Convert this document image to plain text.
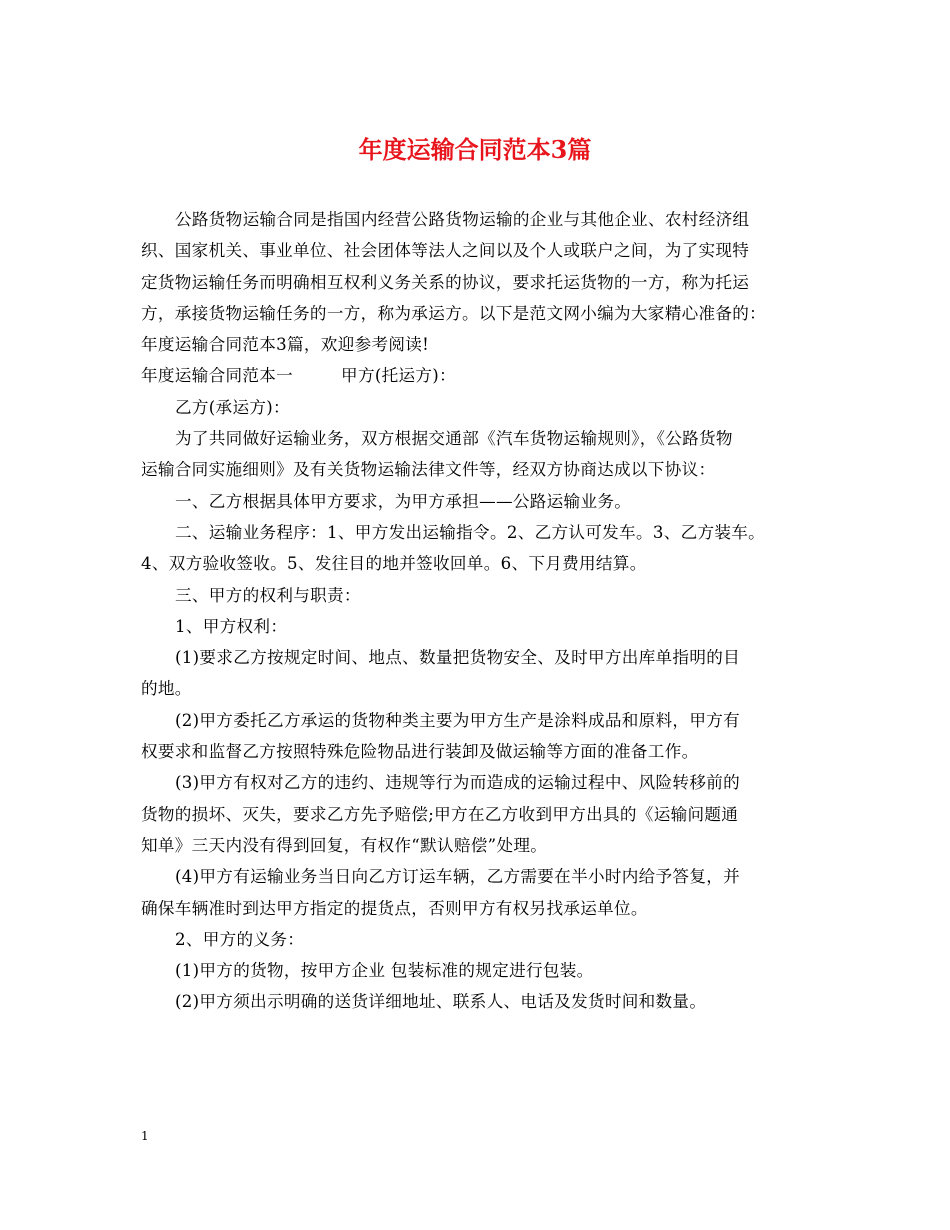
年度运输合同范本3篇

公路货物运输合同是指国内经营公路货物运输的企业与其他企业、农村经济组

织、国家机关、事业单位、社会团体等法人之间以及个人或联户之间，为了实现特

定货物运输任务而明确相互权利义务关系的协议，要求托运货物的一方，称为托运

方，承接货物运输任务的一方，称为承运方。以下是范文网小编为大家精心准备的：

年度运输合同范本3篇，欢迎参考阅读!

年度运输合同范本一	甲方(托运方)：

乙方(承运方)：

为了共同做好运输业务，双方根据交通部《汽车货物运输规则》，《公路货物

运输合同实施细则》及有关货物运输法律文件等，经双方协商达成以下协议：

一、乙方根据具体甲方要求，为甲方承担——公路运输业务。

二、运输业务程序：1、甲方发出运输指令。2、乙方认可发车。3、乙方装车。

4、双方验收签收。5、发往目的地并签收回单。6、下月费用结算。

三、甲方的权利与职责：

1、甲方权利：

(1)要求乙方按规定时间、地点、数量把货物安全、及时甲方出库单指明的目

的地。

(2)甲方委托乙方承运的货物种类主要为甲方生产是涂料成品和原料，甲方有

权要求和监督乙方按照特殊危险物品进行装卸及做运输等方面的准备工作。

(3)甲方有权对乙方的违约、违规等行为而造成的运输过程中、风险转移前的

货物的损坏、灭失，要求乙方先予赔偿;甲方在乙方收到甲方出具的《运输问题通

知单》三天内没有得到回复，有权作“默认赔偿”处理。

(4)甲方有运输业务当日向乙方订运车辆，乙方需要在半小时内给予答复，并

确保车辆准时到达甲方指定的提货点，否则甲方有权另找承运单位。

2、甲方的义务：

(1)甲方的货物，按甲方企业 包装标准的规定进行包装。

(2)甲方须出示明确的送货详细地址、联系人、电话及发货时间和数量。

1
